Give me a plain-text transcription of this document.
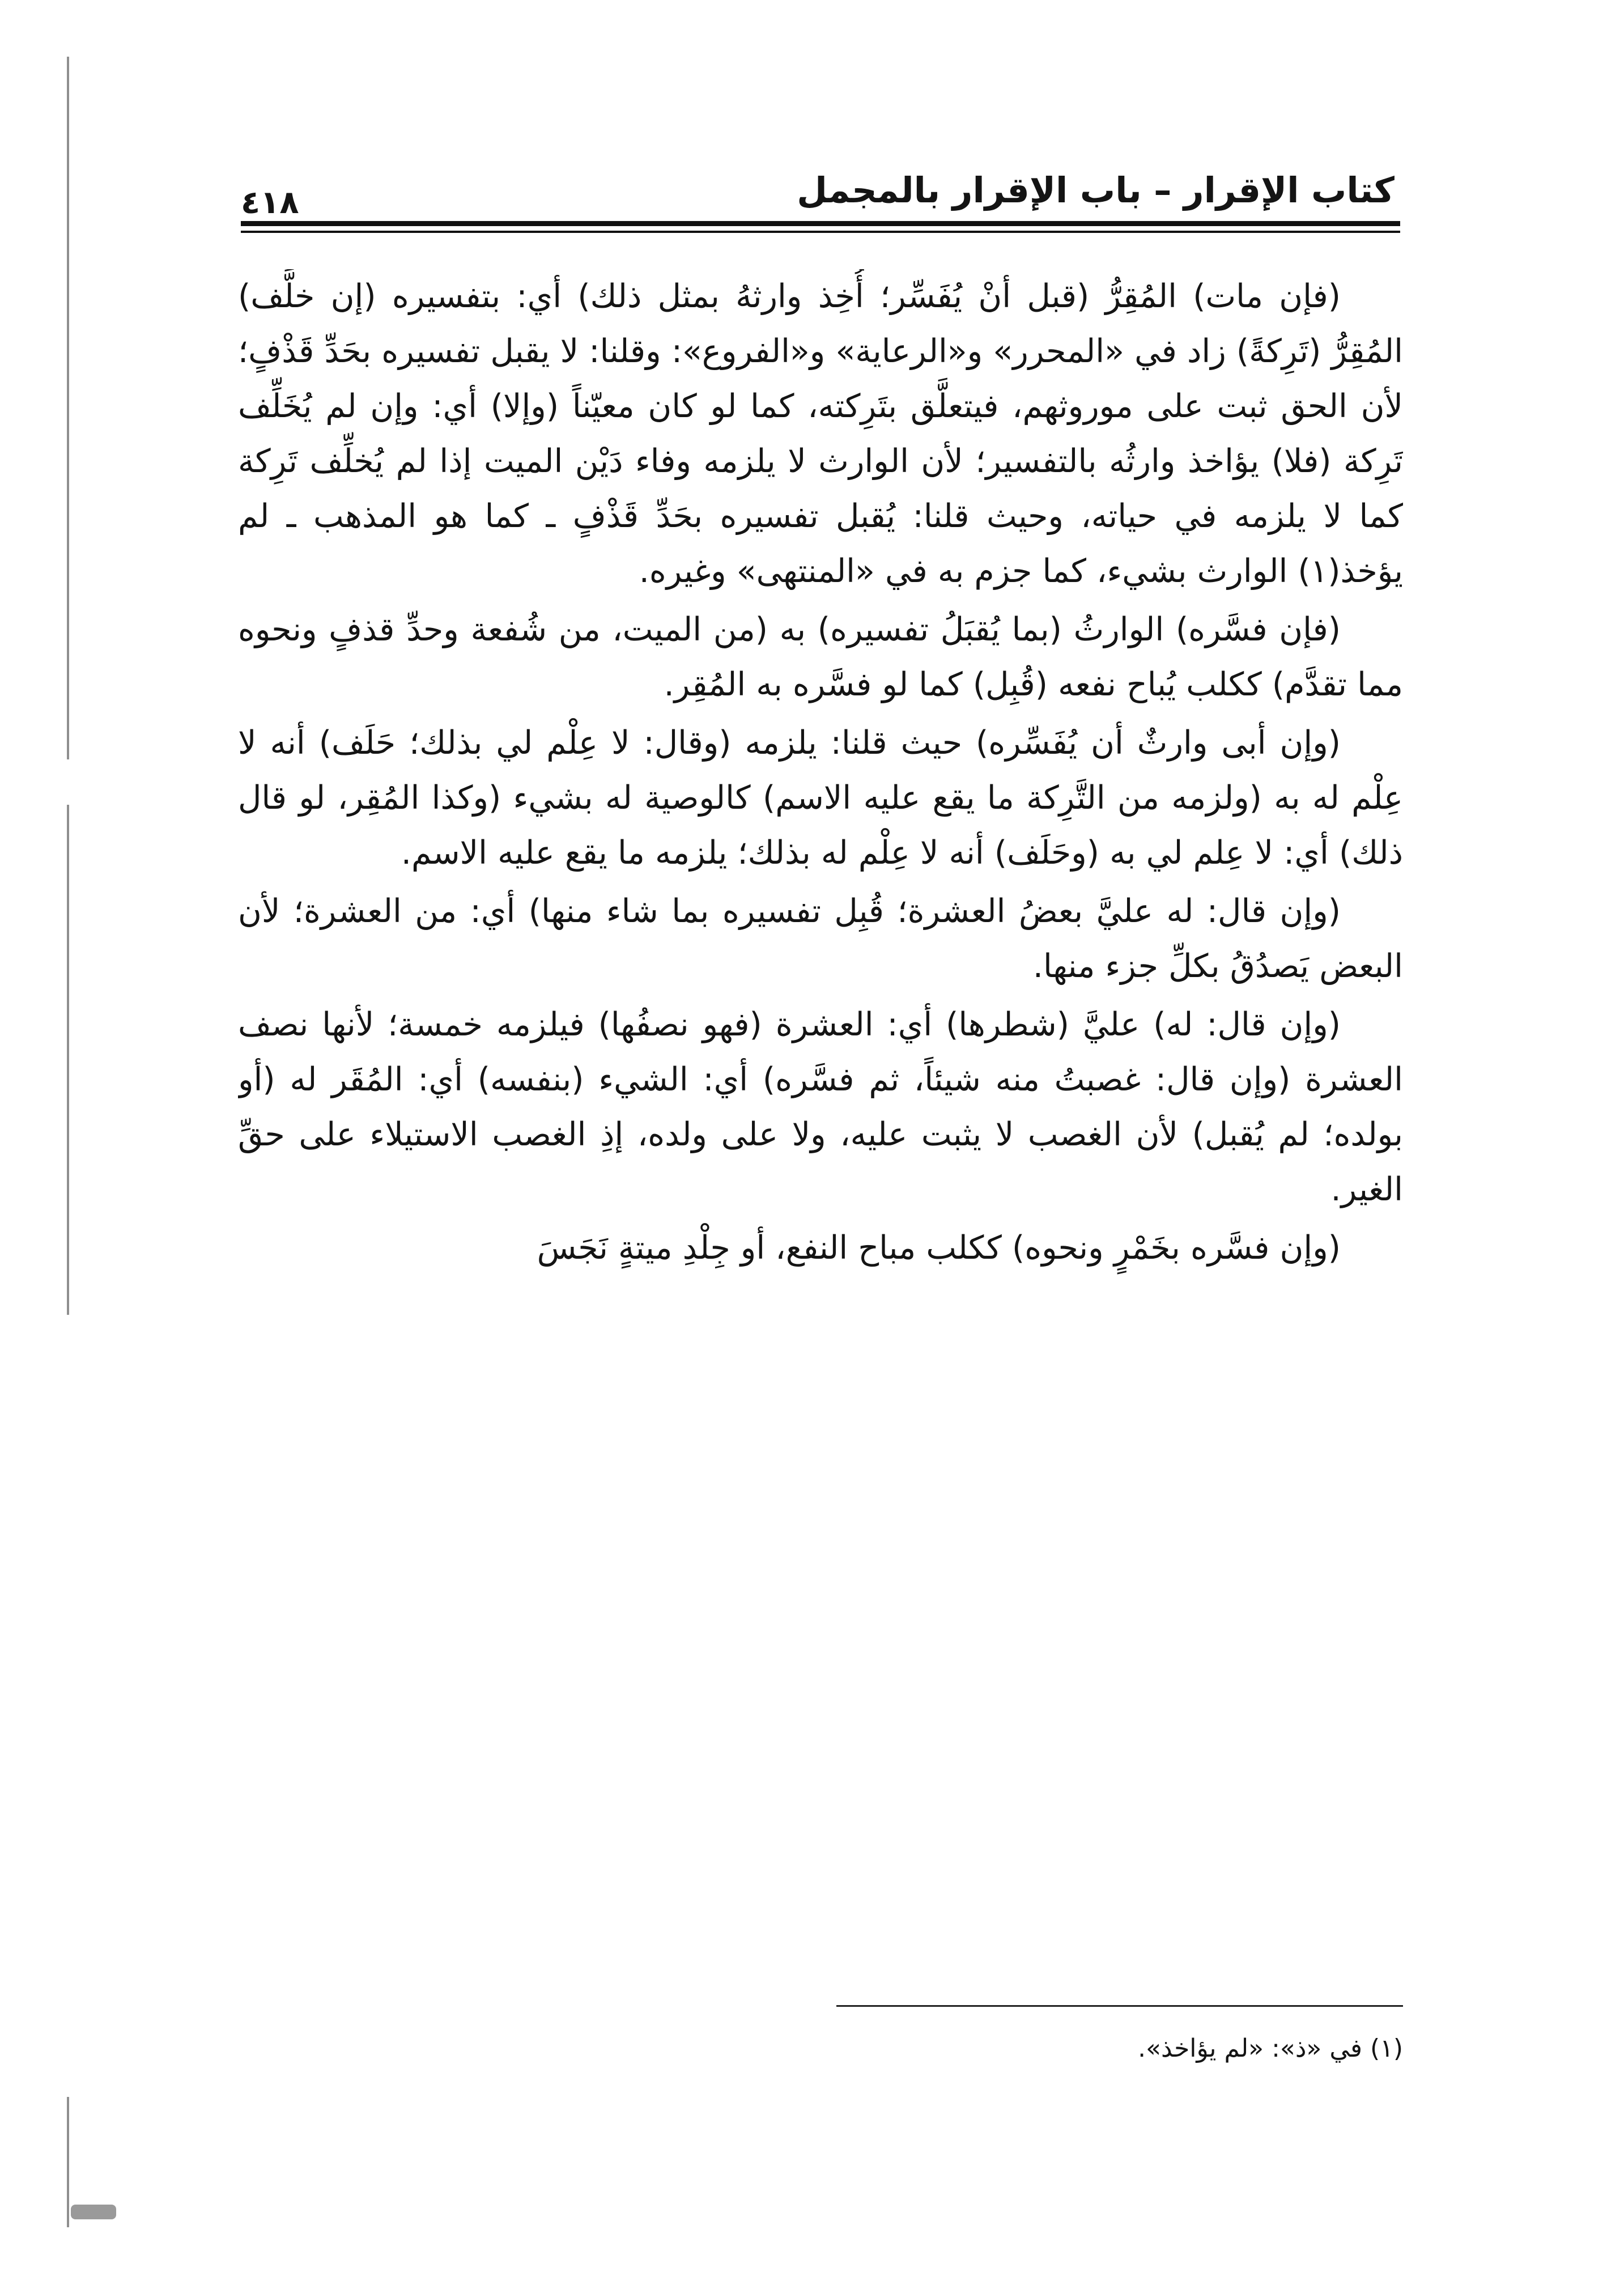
٤١٨	كتاب الإقرار – باب الإقرار بالمجمل

(فإن مات) المُقِرُّ (قبل أنْ يُفَسِّر؛ أُخِذ وارثهُ بمثل ذلك) أي: بتفسيره (إن خلَّف) المُقِرُّ (تَرِكةً) زاد في «المحرر» و«الرعاية» و«الفروع»: وقلنا: لا يقبل تفسيره بحَدِّ قَذْفٍ؛ لأن الحق ثبت على موروثهم، فيتعلَّق بتَرِكته، كما لو كان معيّناً (وإلا) أي: وإن لم يُخَلِّف تَرِكة (فلا) يؤاخذ وارثُه بالتفسير؛ لأن الوارث لا يلزمه وفاء دَيْن الميت إذا لم يُخلِّف تَرِكة كما لا يلزمه في حياته، وحيث قلنا: يُقبل تفسيره بحَدِّ قَذْفٍ ـ كما هو المذهب ـ لم يؤخذ(١) الوارث بشيء، كما جزم به في «المنتهى» وغيره.

(فإن فسَّره) الوارثُ (بما يُقبَلُ تفسيره) به (من الميت، من شُفعة وحدِّ قذفٍ ونحوه مما تقدَّم) ككلب يُباح نفعه (قُبِل) كما لو فسَّره به المُقِر.

(وإن أبى وارثٌ أن يُفَسِّره) حيث قلنا: يلزمه (وقال: لا عِلْم لي بذلك؛ حَلَف) أنه لا عِلْم له به (ولزمه من التَّرِكة ما يقع عليه الاسم) كالوصية له بشيء (وكذا المُقِر، لو قال ذلك) أي: لا عِلم لي به (وحَلَف) أنه لا عِلْم له بذلك؛ يلزمه ما يقع عليه الاسم.

(وإن قال: له عليَّ بعضُ العشرة؛ قُبِل تفسيره بما شاء منها) أي: من العشرة؛ لأن البعض يَصدُقُ بكلِّ جزء منها.

(وإن قال: له) عليَّ (شطرها) أي: العشرة (فهو نصفُها) فيلزمه خمسة؛ لأنها نصف العشرة (وإن قال: غصبتُ منه شيئاً، ثم فسَّره) أي: الشيء (بنفسه) أي: المُقَر له (أو بولده؛ لم يُقبل) لأن الغصب لا يثبت عليه، ولا على ولده، إذِ الغصب الاستيلاء على حقِّ الغير.

(وإن فسَّره بخَمْرٍ ونحوه) ككلب مباح النفع، أو جِلْدِ ميتةٍ نَجَسَ

(١) في «ذ»: «لم يؤاخذ».
